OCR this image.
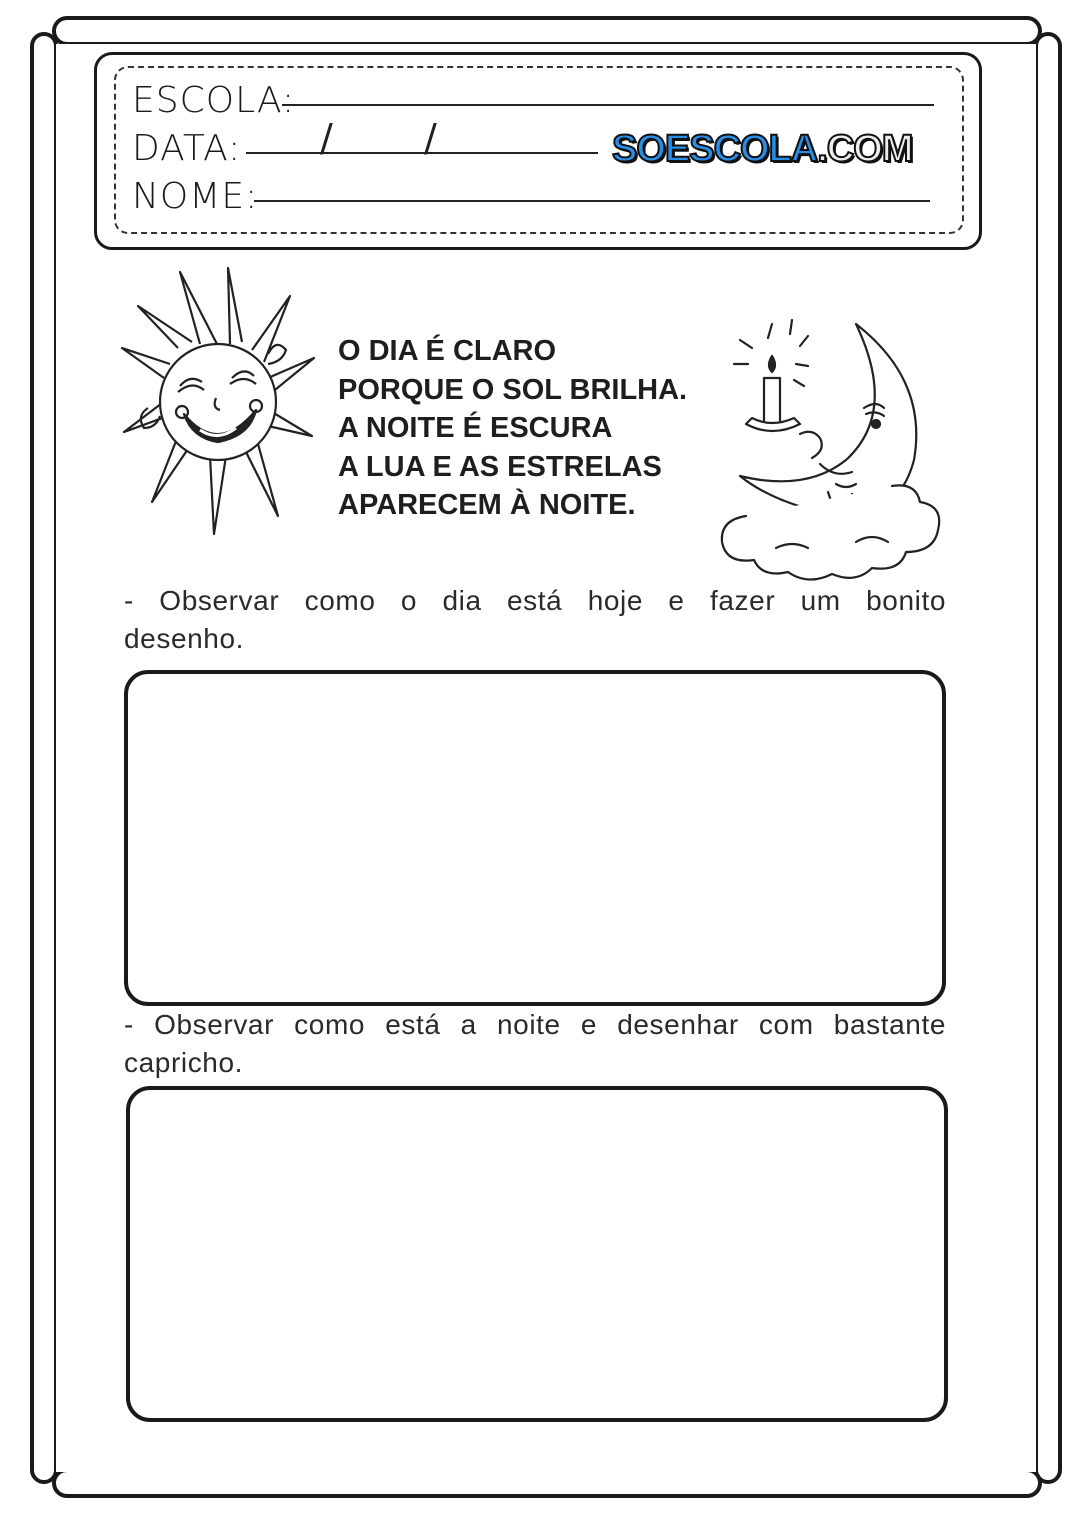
ESCOLA:
DATA: / /	SOESCOLA.COM
NOME:
O DIA É CLARO
PORQUE O SOL BRILHA.
A NOITE É ESCURA
A LUA E AS ESTRELAS
APARECEM À NOITE.
- Observar como o dia está hoje e fazer um bonito desenho.
- Observar como está a noite e desenhar com bastante capricho.
